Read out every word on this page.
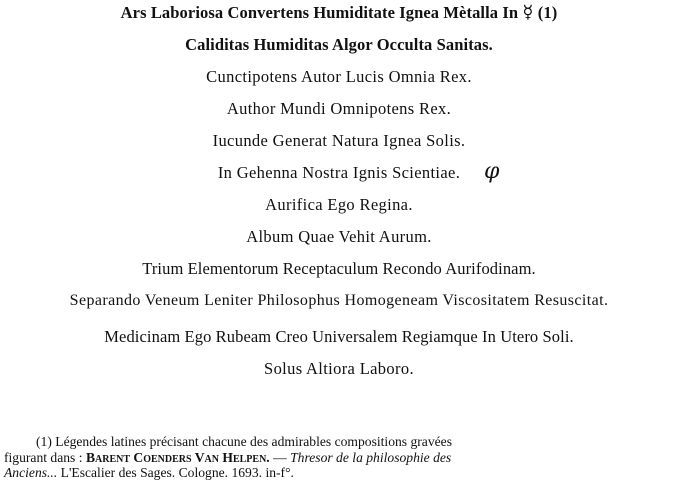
Ars Laboriosa Convertens Humiditate Ignea Mètalla In ☿ (1)
Caliditas Humiditas Algor Occulta Sanitas.
Cunctipotens Autor Lucis Omnia Rex.
Author Mundi Omnipotens Rex.
Iucunde Generat Natura Ignea Solis.
In Gehenna Nostra Ignis Scientiae.	φ
Aurifica Ego Regina.
Album Quae Vehit Aurum.
Trium Elementorum Receptaculum Recondo Aurifodinam.
Separando Veneum Leniter Philosophus Homogeneam Viscositatem Resuscitat.
Medicinam Ego Rubeam Creo Universalem Regiamque In Utero Soli.
Solus Altiora Laboro.
(1) Légendes latines précisant chacune des admirables compositions gravées
figurant dans : Barent Coenders Van Helpen. — Thresor de la philosophie des
Anciens... L'Escalier des Sages. Cologne. 1693. in-f°.
